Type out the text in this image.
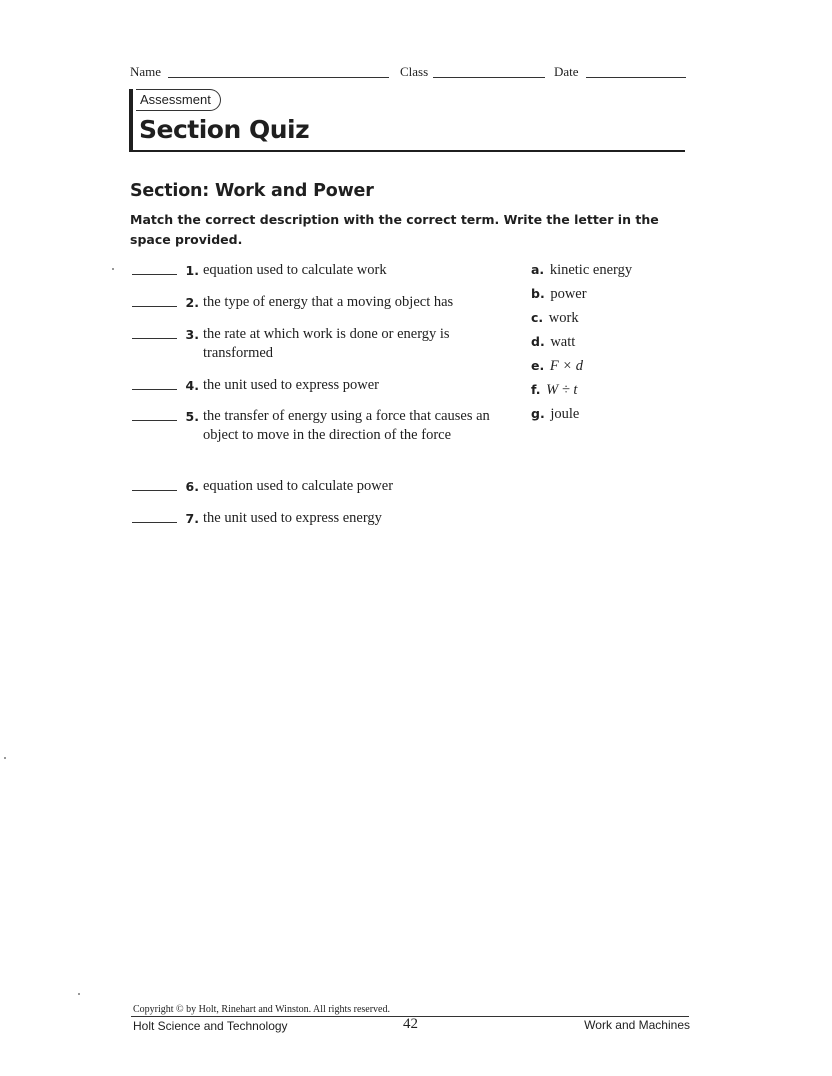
Name	Class	Date
Assessment
Section Quiz
Section: Work and Power

Match the correct description with the correct term. Write the letter in the space provided.

1. equation used to calculate work
2. the type of energy that a moving object has
3. the rate at which work is done or energy is transformed
4. the unit used to express power
5. the transfer of energy using a force that causes an object to move in the direction of the force
6. equation used to calculate power
7. the unit used to express energy
a. kinetic energy
b. power
c. work
d. watt
e. F × d
f. W ÷ t
g. joule
Copyright © by Holt, Rinehart and Winston. All rights reserved.
Holt Science and Technology	42	Work and Machines
